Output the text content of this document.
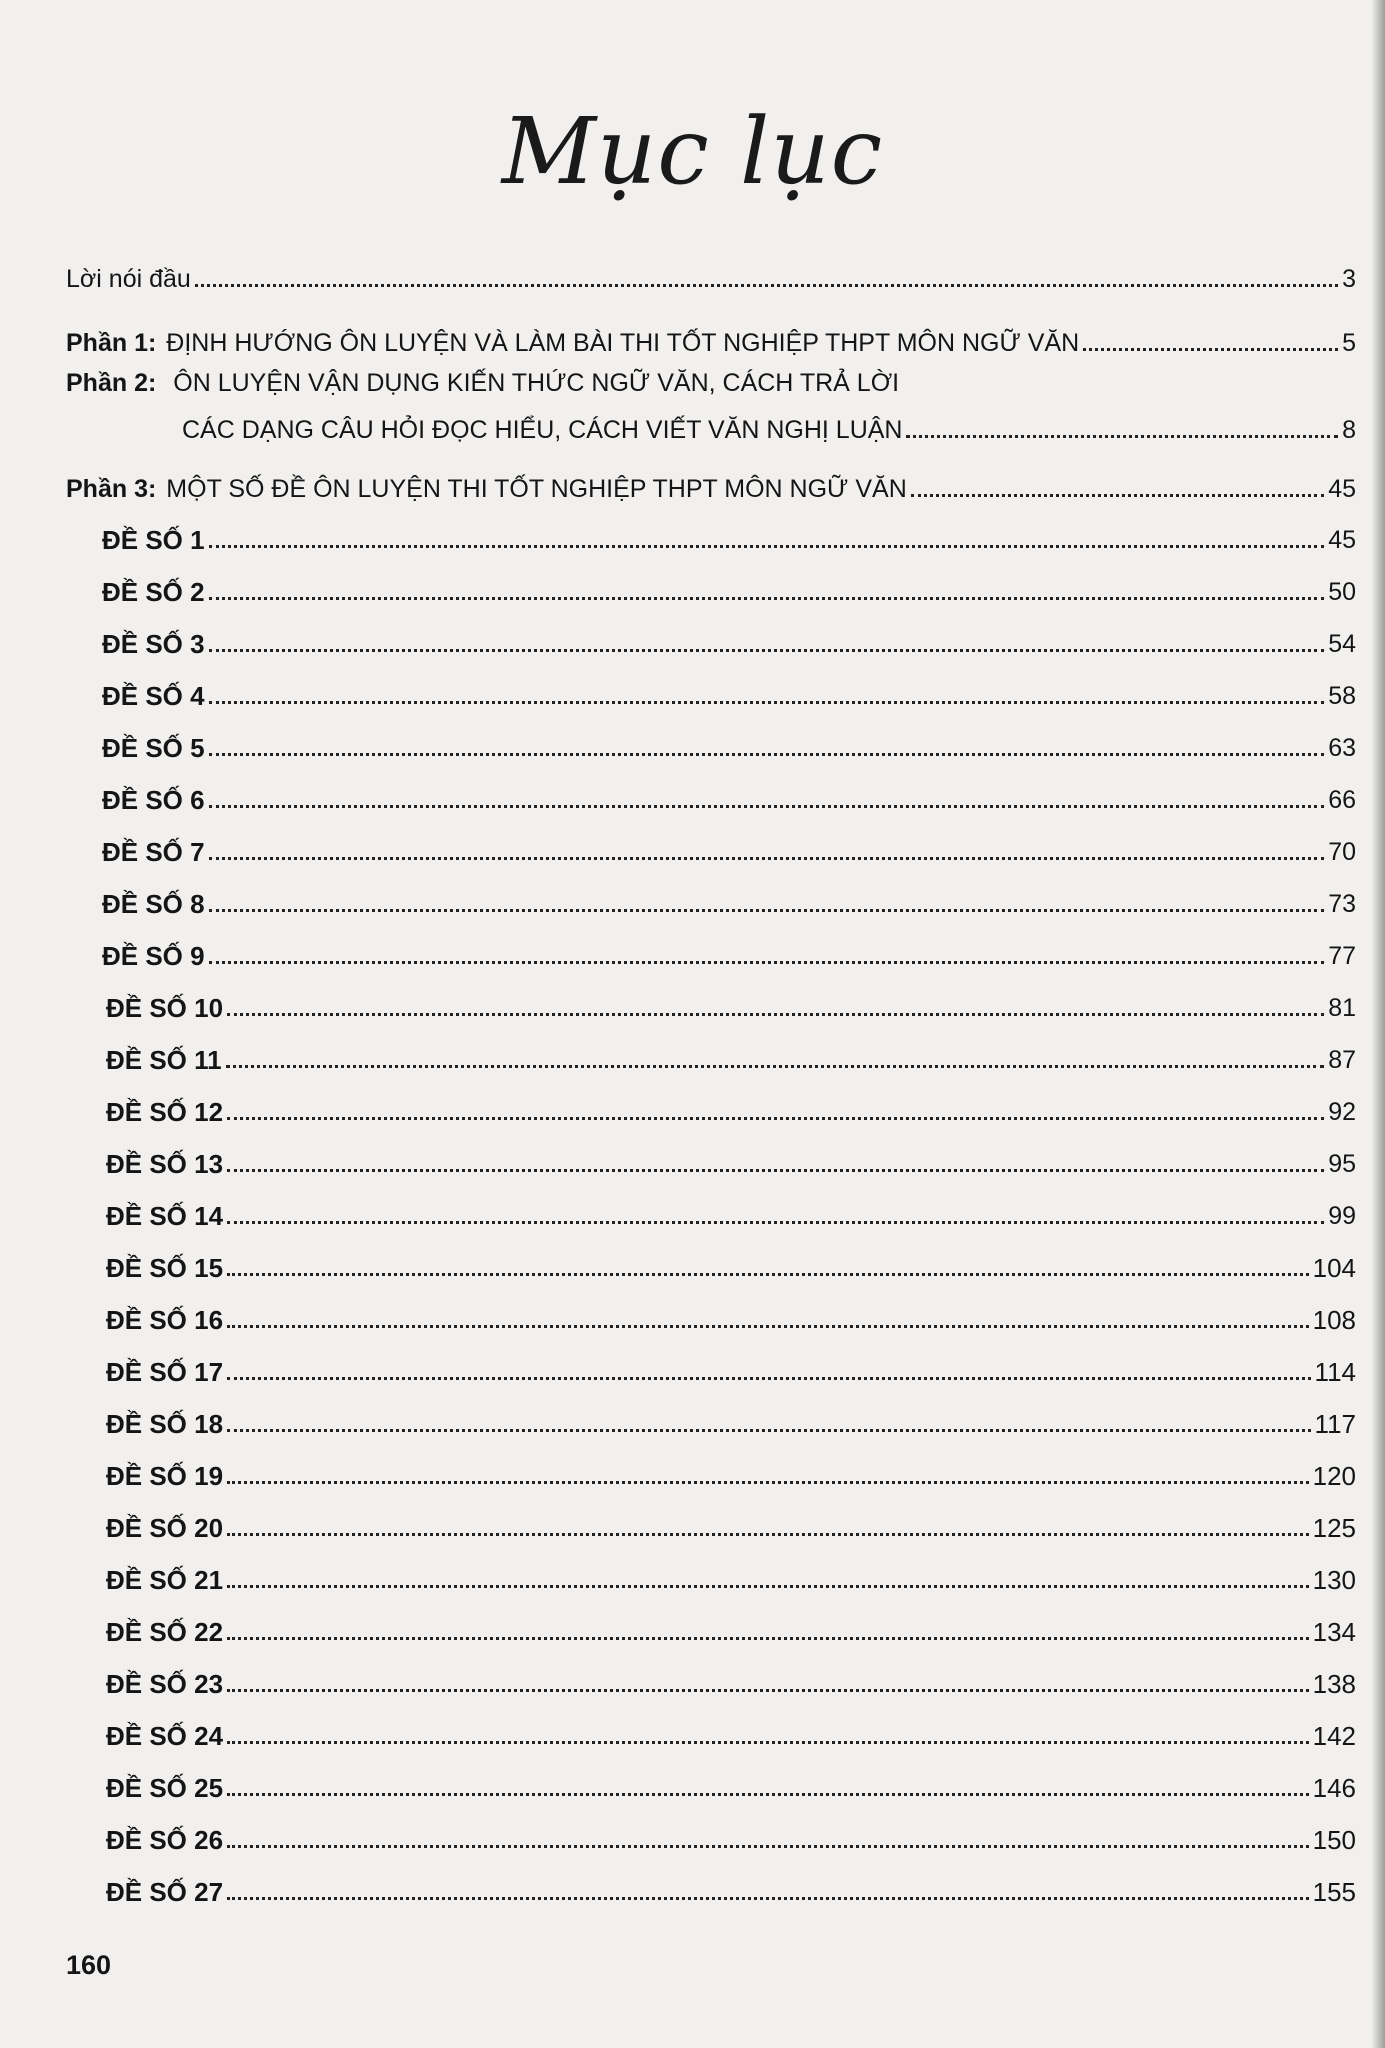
Mục lục
Lời nói đầu	3
Phần 1: ĐỊNH HƯỚNG ÔN LUYỆN VÀ LÀM BÀI THI TỐT NGHIỆP THPT MÔN NGỮ VĂN	5
Phần 2: ÔN LUYỆN VẬN DỤNG KIẾN THỨC NGỮ VĂN, CÁCH TRẢ LỜI
CÁC DẠNG CÂU HỎI ĐỌC HIỂU, CÁCH VIẾT VĂN NGHỊ LUẬN	8
Phần 3: MỘT SỐ ĐỀ ÔN LUYỆN THI TỐT NGHIỆP THPT MÔN NGỮ VĂN	45
ĐỀ SỐ 1	45
ĐỀ SỐ 2	50
ĐỀ SỐ 3	54
ĐỀ SỐ 4	58
ĐỀ SỐ 5	63
ĐỀ SỐ 6	66
ĐỀ SỐ 7	70
ĐỀ SỐ 8	73
ĐỀ SỐ 9	77
ĐỀ SỐ 10	81
ĐỀ SỐ 11	87
ĐỀ SỐ 12	92
ĐỀ SỐ 13	95
ĐỀ SỐ 14	99
ĐỀ SỐ 15	104
ĐỀ SỐ 16	108
ĐỀ SỐ 17	114
ĐỀ SỐ 18	117
ĐỀ SỐ 19	120
ĐỀ SỐ 20	125
ĐỀ SỐ 21	130
ĐỀ SỐ 22	134
ĐỀ SỐ 23	138
ĐỀ SỐ 24	142
ĐỀ SỐ 25	146
ĐỀ SỐ 26	150
ĐỀ SỐ 27	155
160
